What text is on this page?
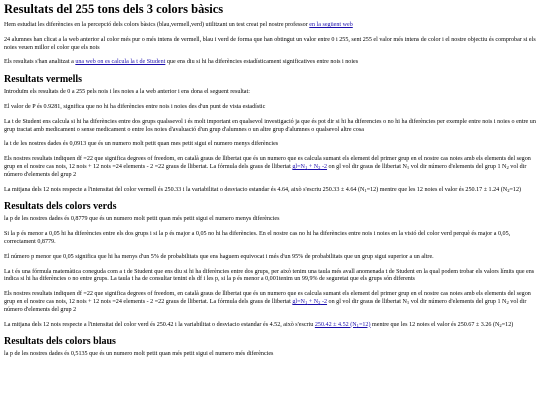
Resultats del 255 tons dels 3 colors bàsics

Hem estudiat les diferències en la percepció dels colors bàsics (blau,vermell,verd) utilitzant un test creat pel nostre professor en la següent web

24 alumnes han clicat a la web anterior al color més pur o més intens de vermell, blau i verd de forma que han obtingut un valor entre 0 i 255, sent 255 el valor més intens de color i el nostre objectiu és comprobar si els noies veuen millor el color que els nois

Els resultats s'han analitzat a una web on es calcula la t de Student que ens diu si hi ha diferències estadísticament significatives entre nois i noies

Resultats vermells

Introduïm els resultats de 0 a 255 pels nois i les noies a la web anterior i ens dona el seguent resultat:

El valor de P és 0.9281, significa que no hi ha diferències entre nois i noies des d'un punt de vista estadístic

La t de Student ens calcula si hi ha diferències entre dos grups qualssevol i és molt important en qualsevol investigació ja que és pot dir si hi ha diferencies o no hi ha diferències per exemple entre nois i noies o entre un grup tractat amb medicament o sense medicament o entre los noies d'avaluació d'un grup d'alumnes o un altre grup d'alumnes o qualsevol altre cosa

la t de les nostres dades és 0,0913 que és un numero molt petit quan mes petit sigui el numero menys diferències

Els nostres resultats indiquen df =22 que significa degrees of freedom, en català graus de llibertat que és un numero que es calcula sumant els element del primer grup en el nostre cas noies amb els elements del segon grup en el nostre cas nois, 12 nois + 12 nois =24 elements - 2 =22 graus de llibertat. La fórmula dels graus de llibertat $gl=N_1 + N_2$ -2 on gl vol dir graus de llibertat $N_1$ vol dir número d'elements del grup 1 $N_2$ vol dir número d'elements del grup 2

La mitjana dels 12 nois respecte a l'intensitat del color vermell és 250.33 i la variabilitat o desviacio estandar és 4.64, això s'escriu 250.33 ± 4.64 $(N_1=12)$ mentre que les 12 noies el valor és 250.17 ± 1.24 $(N_2=12)$

Resultats dels colors verds

la p de les nostres dades és 0,8779 que és un numero molt petit quan més petit sigui el numero menys diferències

Si la p és menor a 0,05 hi ha diferències entre els dos grups i si la p és major a 0,05 no hi ha diferències. En el nostre cas no hi ha diferències entre nois i noies en la visió del color verd perquè és major a 0,05, correctament 0,8779.

El número p menor que 0,05 significa que hi ha menys d'un 5% de probabilitats que ens haguem equivocat i més d'un 95% de probabilitats que un grup sigui superior a un altre.

La t és una fórmula matemàtica coneguda com a t de Student que ens diu si hi ha diferències entre dos grups, per això tenim una taula més avall anomenada t de Student en la qual podem trobar els valors límits que ens indica si hi ha diferències o no entre grups. La taula t ha de consultar tenint els df i les p, si la p és menor a 0,001tenim un 99,9% de seguretat que els grups són diferents

Els nostres resultats indiquen df =22 que significa degrees of freedom, en català graus de llibertat que és un numero que es calcula sumant els element del primer grup en el nostre cas noies amb els elements del segon grup en el nostre cas nois, 12 nois + 12 nois =24 elements - 2 =22 graus de llibertat. La fórmula dels graus de llibertat $gl=N_1 + N_2$ -2 on gl vol dir graus de llibertat $N_1$ vol dir número d'elements del grup 1 $N_2$ vol dir número d'elements del grup 2

La mitjana dels 12 nois respecte a l'intensitat del color verd és 250.42 i la variabilitat o desviacio estandar és 4.52, això s'escriu 250.42 ± 4.52 $(N_1=12)$ mentre que les 12 noies el valor és 250.67 ± 3.26 $(N_2=12)$

Resultats dels colors blaus

la p de les nostres dades és 0,5135 que és un numero molt petit quan més petit sigui el numero més diferències
